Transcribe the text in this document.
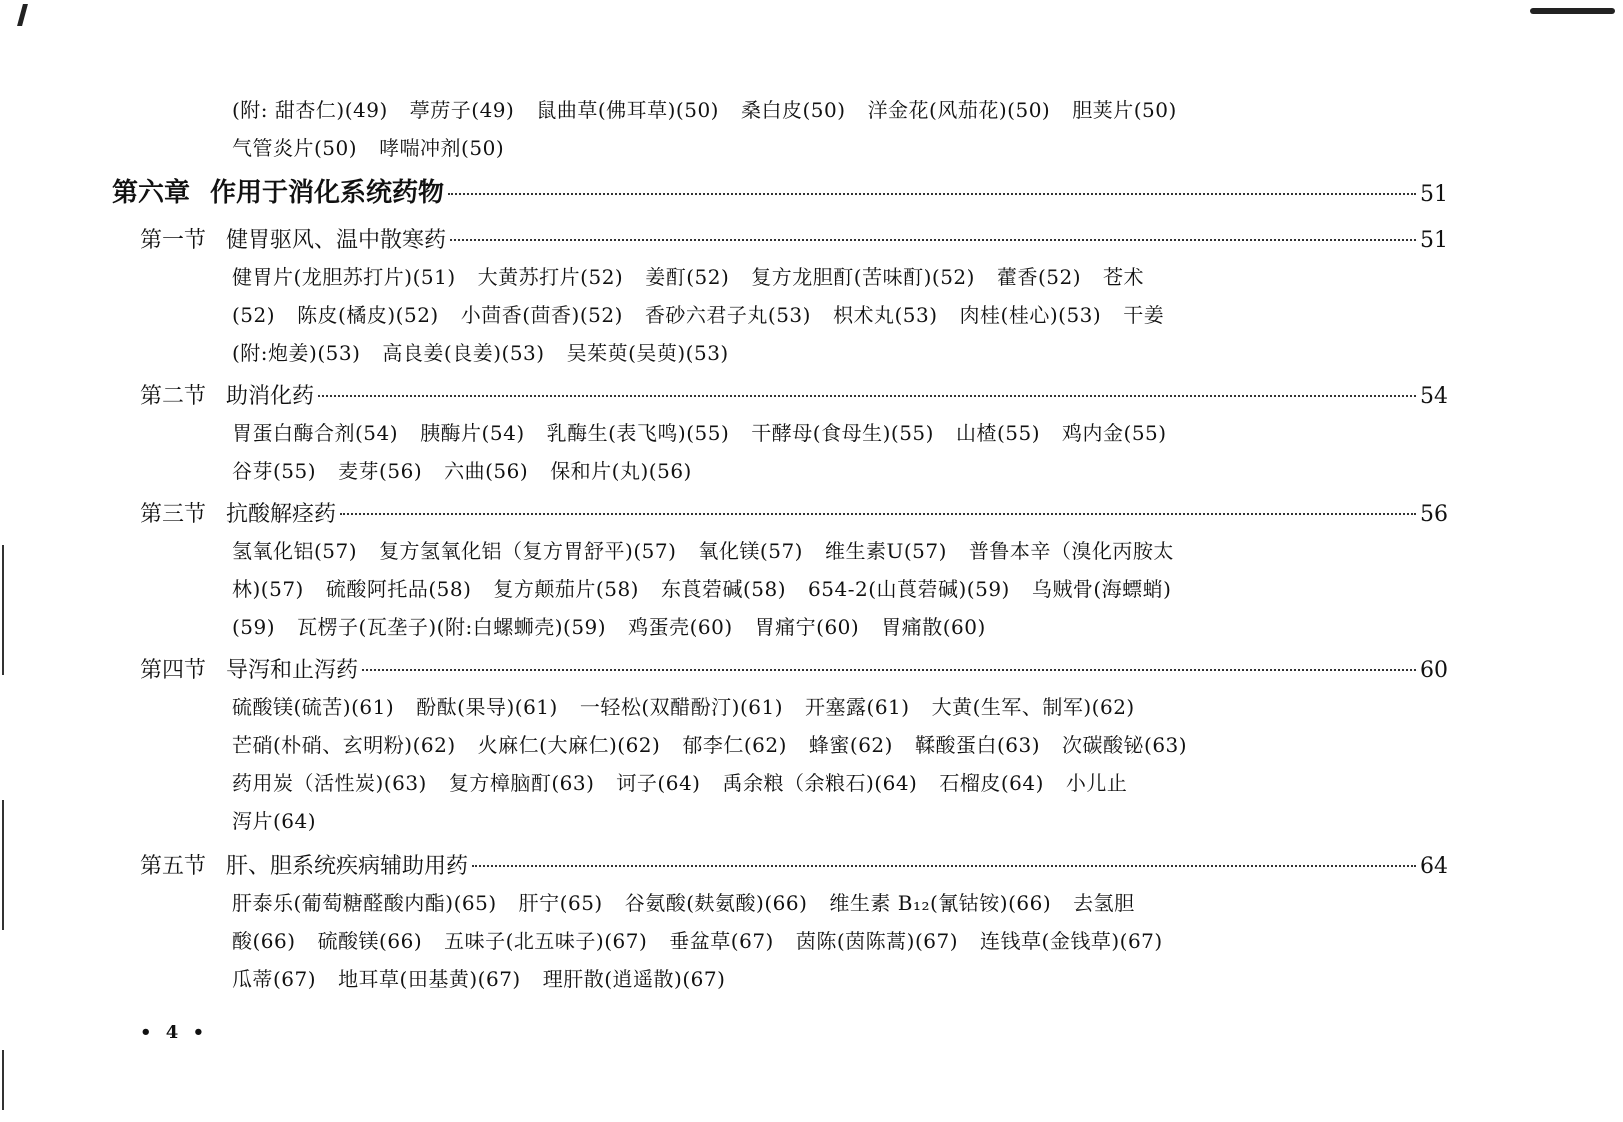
(附: 甜杏仁)(49) 葶苈子(49) 鼠曲草(佛耳草)(50) 桑白皮(50) 洋金花(风茄花)(50) 胆荚片(50)
气管炎片(50) 哮喘冲剂(50)
第六章 作用于消化系统药物	51
第一节 健胃驱风、温中散寒药	51
健胃片(龙胆苏打片)(51) 大黄苏打片(52) 姜酊(52) 复方龙胆酊(苦味酊)(52) 藿香(52) 苍术
(52) 陈皮(橘皮)(52) 小茴香(茴香)(52) 香砂六君子丸(53) 枳术丸(53) 肉桂(桂心)(53) 干姜
(附:炮姜)(53) 高良姜(良姜)(53) 吴茱萸(吴萸)(53)
第二节 助消化药	54
胃蛋白酶合剂(54) 胰酶片(54) 乳酶生(表飞鸣)(55) 干酵母(食母生)(55) 山楂(55) 鸡内金(55)
谷芽(55) 麦芽(56) 六曲(56) 保和片(丸)(56)
第三节 抗酸解痉药	56
氢氧化铝(57) 复方氢氧化铝（复方胃舒平)(57) 氧化镁(57) 维生素U(57) 普鲁本辛（溴化丙胺太
林)(57) 硫酸阿托品(58) 复方颠茄片(58) 东莨菪碱(58) 654-2(山莨菪碱)(59) 乌贼骨(海螵蛸)
(59) 瓦楞子(瓦垄子)(附:白螺蛳壳)(59) 鸡蛋壳(60) 胃痛宁(60) 胃痛散(60)
第四节 导泻和止泻药	60
硫酸镁(硫苦)(61) 酚酞(果导)(61) 一轻松(双醋酚汀)(61) 开塞露(61) 大黄(生军、制军)(62)
芒硝(朴硝、玄明粉)(62) 火麻仁(大麻仁)(62) 郁李仁(62) 蜂蜜(62) 鞣酸蛋白(63) 次碳酸铋(63)
药用炭（活性炭)(63) 复方樟脑酊(63) 诃子(64) 禹余粮（余粮石)(64) 石榴皮(64) 小儿止
泻片(64)
第五节 肝、胆系统疾病辅助用药	64
肝泰乐(葡萄糖醛酸内酯)(65) 肝宁(65) 谷氨酸(麸氨酸)(66) 维生素 B₁₂(氰钴铵)(66) 去氢胆
酸(66) 硫酸镁(66) 五味子(北五味子)(67) 垂盆草(67) 茵陈(茵陈蒿)(67) 连钱草(金钱草)(67)
瓜蒂(67) 地耳草(田基黄)(67) 理肝散(逍遥散)(67)
• 4 •
